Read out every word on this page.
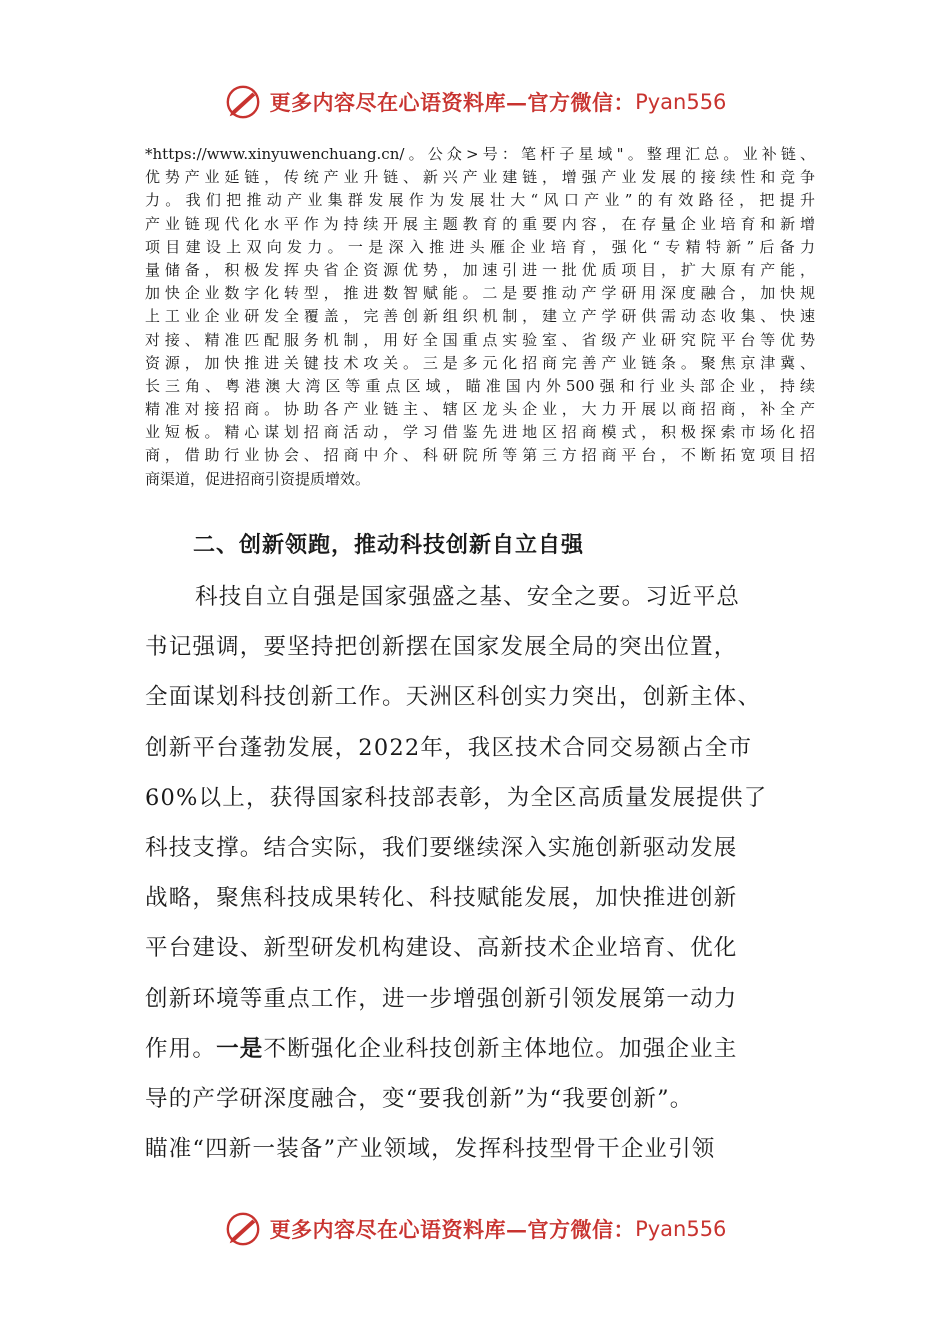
更多内容尽在心语资料库—官方微信： Pyan556
*https://www.xinyuwenchuang.cn/。公众>号：笔杆子星域"。整理汇总。业补链、
优势产业延链，传统产业升链、新兴产业建链，增强产业发展的接续性和竞争
力。我们把推动产业集群发展作为发展壮大“风口产业”的有效路径，把提升
产业链现代化水平作为持续开展主题教育的重要内容，在存量企业培育和新增
项目建设上双向发力。一是深入推进头雁企业培育，强化“专精特新”后备力
量储备，积极发挥央省企资源优势，加速引进一批优质项目，扩大原有产能，
加快企业数字化转型，推进数智赋能。二是要推动产学研用深度融合，加快规
上工业企业研发全覆盖，完善创新组织机制，建立产学研供需动态收集、快速
对接、精准匹配服务机制，用好全国重点实验室、省级产业研究院平台等优势
资源，加快推进关键技术攻关。三是多元化招商完善产业链条。聚焦京津冀、
长三角、粤港澳大湾区等重点区域，瞄准国内外500强和行业头部企业，持续
精准对接招商。协助各产业链主、辖区龙头企业，大力开展以商招商，补全产
业短板。精心谋划招商活动，学习借鉴先进地区招商模式，积极探索市场化招
商，借助行业协会、招商中介、科研院所等第三方招商平台，不断拓宽项目招
商渠道，促进招商引资提质增效。
二、创新领跑，推动科技创新自立自强
科技自立自强是国家强盛之基、安全之要。习近平总
书记强调，要坚持把创新摆在国家发展全局的突出位置，
全面谋划科技创新工作。天洲区科创实力突出，创新主体、
创新平台蓬勃发展，2022年，我区技术合同交易额占全市
60%以上，获得国家科技部表彰，为全区高质量发展提供了
科技支撑。结合实际，我们要继续深入实施创新驱动发展
战略，聚焦科技成果转化、科技赋能发展，加快推进创新
平台建设、新型研发机构建设、高新技术企业培育、优化
创新环境等重点工作，进一步增强创新引领发展第一动力
作用。一是不断强化企业科技创新主体地位。加强企业主
导的产学研深度融合，变“要我创新”为“我要创新”。
瞄准“四新一装备”产业领域，发挥科技型骨干企业引领
更多内容尽在心语资料库—官方微信： Pyan556
